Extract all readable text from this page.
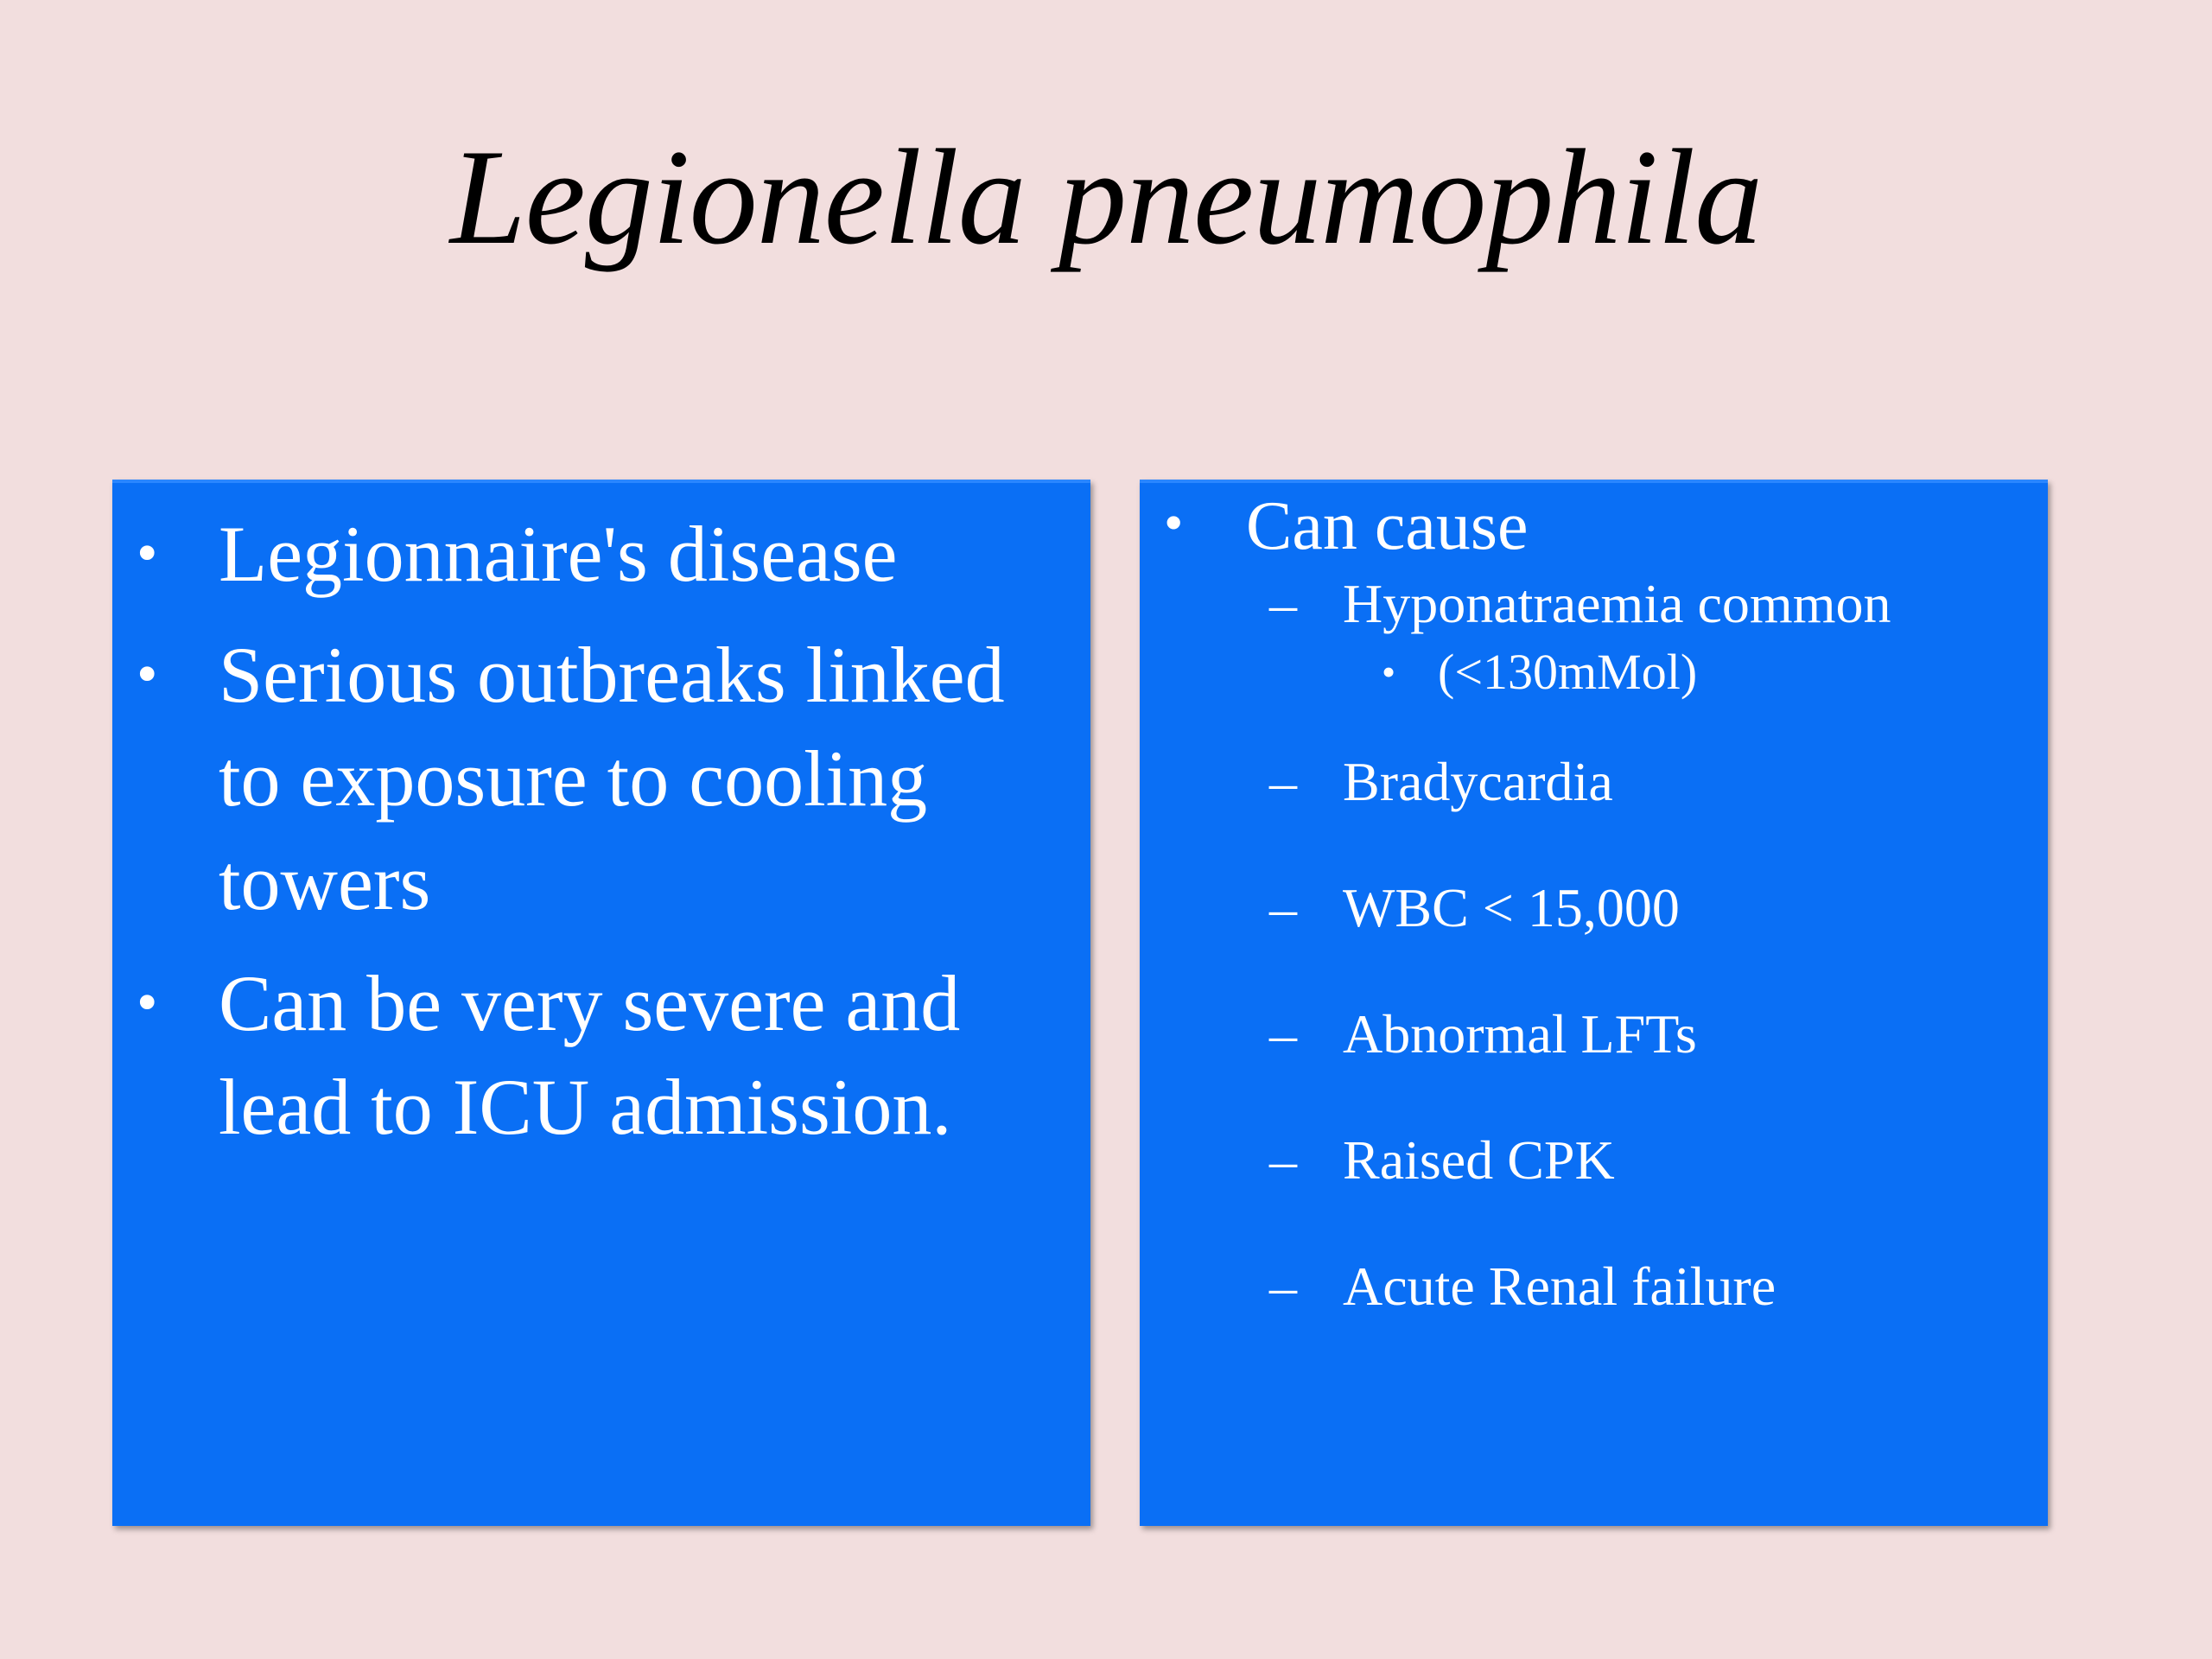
Legionella pneumophila
• Legionnaire's disease
• Serious outbreaks linked to exposure to cooling towers
• Can be very severe and lead to ICU admission.
• Can cause
– Hyponatraemia common
• (<130mMol)
– Bradycardia
– WBC < 15,000
– Abnormal LFTs
– Raised CPK
– Acute Renal failure
